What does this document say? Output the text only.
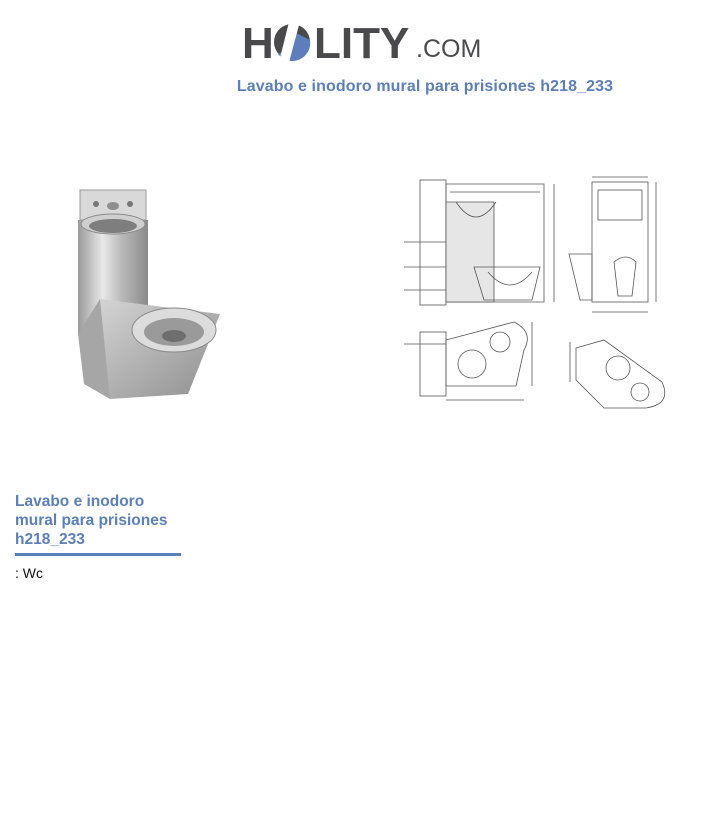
H LITY .COM
Lavabo e inodoro mural para prisiones h218_233
Lavabo e inodoro mural para prisiones h218_233
: Wc
